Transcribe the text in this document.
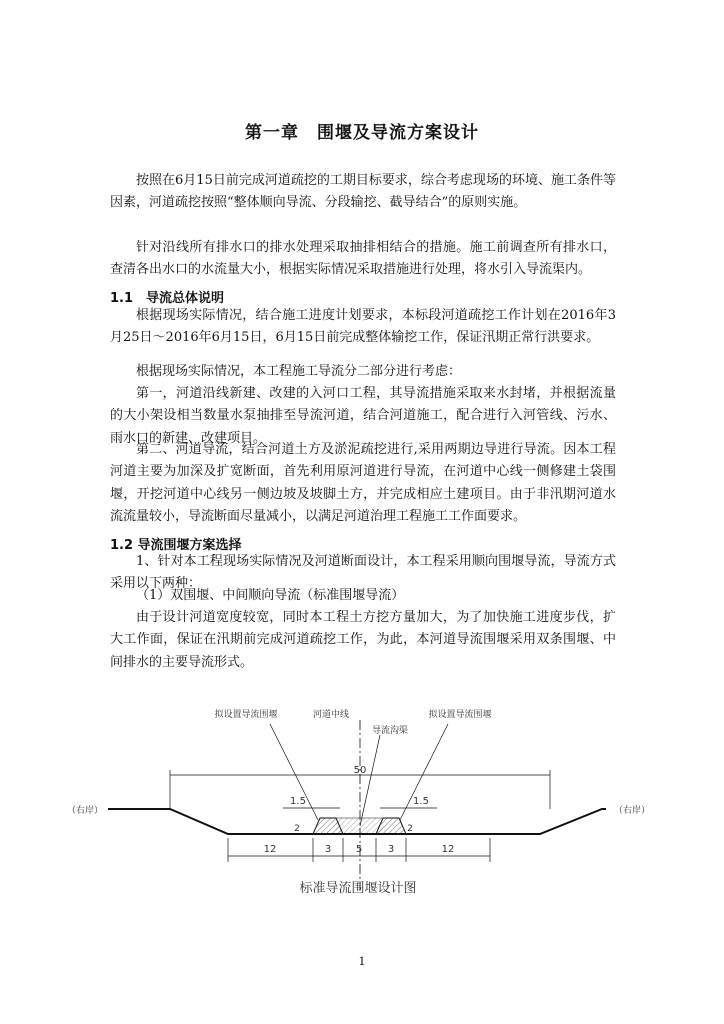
第一章　围堰及导流方案设计

按照在6月15日前完成河道疏挖的工期目标要求，综合考虑现场的环境、施工条件等因素，河道疏挖按照“整体顺向导流、分段输挖、截导结合”的原则实施。

针对沿线所有排水口的排水处理采取抽排相结合的措施。施工前调查所有排水口，查清各出水口的水流量大小，根据实际情况采取措施进行处理，将水引入导流渠内。

1.1　导流总体说明

根据现场实际情况，结合施工进度计划要求，本标段河道疏挖工作计划在2016年3月25日～2016年6月15日，6月15日前完成整体输挖工作，保证汛期正常行洪要求。

根据现场实际情况，本工程施工导流分二部分进行考虑：

第一，河道沿线新建、改建的入河口工程，其导流措施采取来水封堵，并根据流量的大小架设相当数量水泵抽排至导流河道，结合河道施工，配合进行入河管线、污水、雨水口的新建、改建项目。

第二、河道导流，结合河道土方及淤泥疏挖进行,采用两期边导进行导流。因本工程河道主要为加深及扩宽断面，首先利用原河道进行导流，在河道中心线一侧修建土袋围堰，开挖河道中心线另一侧边坡及坡脚土方，并完成相应土建项目。由于非汛期河道水流流量较小，导流断面尽量减小，以满足河道治理工程施工工作面要求。

1.2 导流围堰方案选择

1、针对本工程现场实际情况及河道断面设计，本工程采用顺向围堰导流，导流方式采用以下两种：

（1）双围堰、中间顺向导流（标准围堰导流）

由于设计河道宽度较宽，同时本工程土方挖方量加大，为了加快施工进度步伐，扩大工作面，保证在汛期前完成河道疏挖工作，为此，本河道导流围堰采用双条围堰、中间排水的主要导流形式。

拟设置导流围堰	河道中线
导流沟渠
拟设置导流围堰
50
1.5	1.5
2	2
（右岸）	（右岸）
12	3 5	3	12
标准导流围堰设计图
1
